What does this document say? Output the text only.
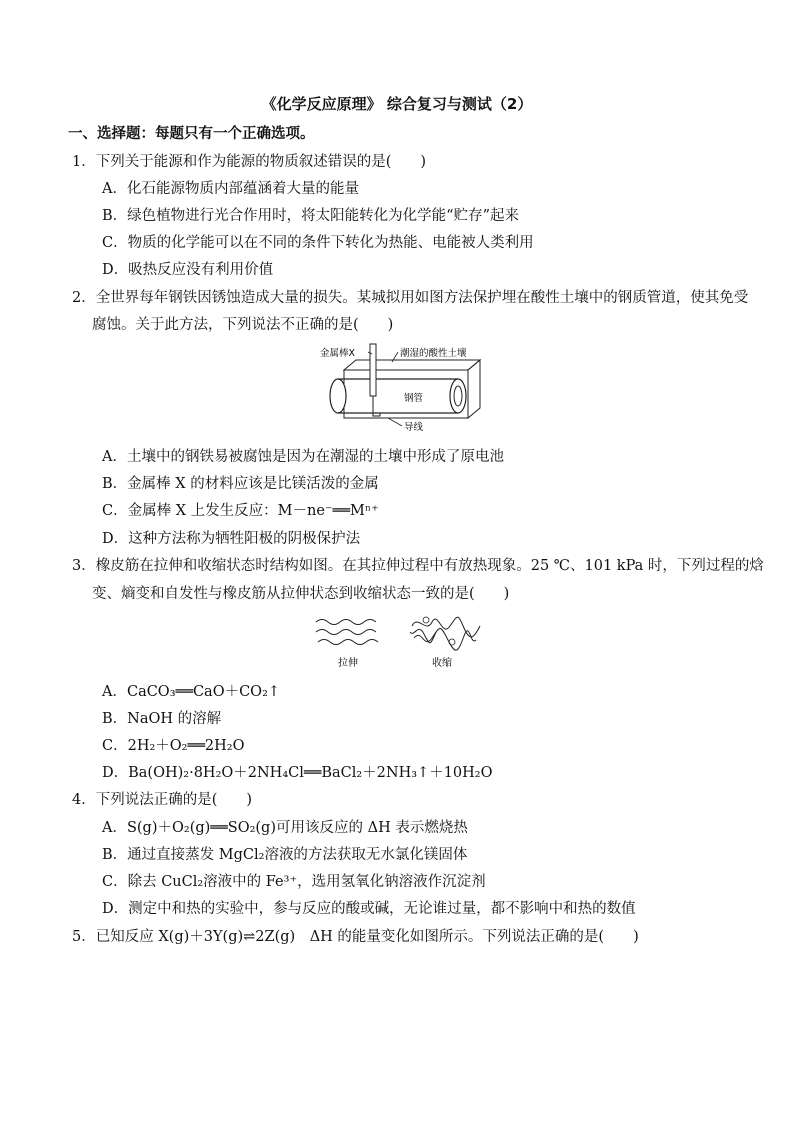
《化学反应原理》 综合复习与测试（2）
一、选择题：每题只有一个正确选项。
1．下列关于能源和作为能源的物质叙述错误的是(　　)
A．化石能源物质内部蕴涵着大量的能量
B．绿色植物进行光合作用时，将太阳能转化为化学能“贮存”起来
C．物质的化学能可以在不同的条件下转化为热能、电能被人类利用
D．吸热反应没有利用价值
2．全世界每年钢铁因锈蚀造成大量的损失。某城拟用如图方法保护埋在酸性土壤中的钢质管道，使其免受
腐蚀。关于此方法，下列说法不正确的是(　　)
金属棒X	潮湿的酸性土壤
钢管
导线
A．土壤中的钢铁易被腐蚀是因为在潮湿的土壤中形成了原电池
B．金属棒 X 的材料应该是比镁活泼的金属
C．金属棒 X 上发生反应：M－ne⁻══Mⁿ⁺
D．这种方法称为牺牲阳极的阴极保护法
3．橡皮筋在拉伸和收缩状态时结构如图。在其拉伸过程中有放热现象。25 ℃、101 kPa 时，下列过程的焓
变、熵变和自发性与橡皮筋从拉伸状态到收缩状态一致的是(　　)
拉伸	收缩
A．CaCO₃══CaO＋CO₂↑
B．NaOH 的溶解
C．2H₂＋O₂══2H₂O
D．Ba(OH)₂·8H₂O＋2NH₄Cl══BaCl₂＋2NH₃↑＋10H₂O
4．下列说法正确的是(　　)
A．S(g)＋O₂(g)══SO₂(g)可用该反应的 ΔH 表示燃烧热
B．通过直接蒸发 MgCl₂溶液的方法获取无水氯化镁固体
C．除去 CuCl₂溶液中的 Fe³⁺，选用氢氧化钠溶液作沉淀剂
D．测定中和热的实验中，参与反应的酸或碱，无论谁过量，都不影响中和热的数值
5．已知反应 X(g)＋3Y(g)⇌2Z(g)　ΔH 的能量变化如图所示。下列说法正确的是(　　)
